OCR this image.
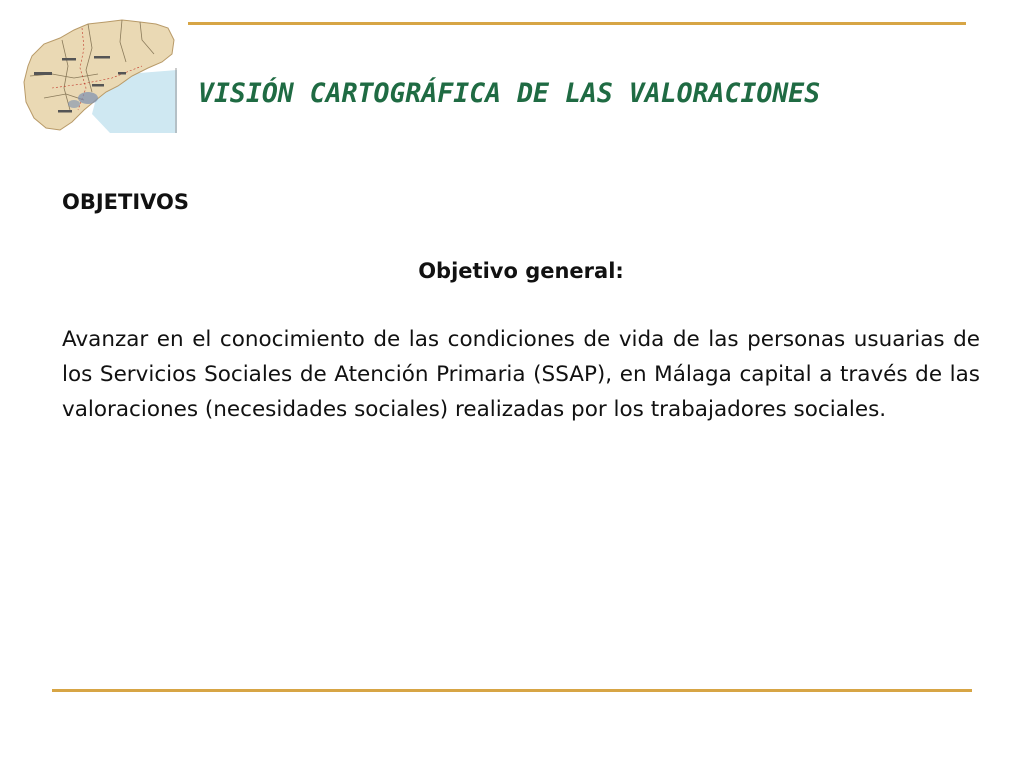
VISIÓN CARTOGRÁFICA DE LAS VALORACIONES
OBJETIVOS
Objetivo general:

Avanzar en el conocimiento de las condiciones de vida de las personas usuarias de los Servicios Sociales de Atención Primaria (SSAP), en Málaga capital a través de las valoraciones (necesidades sociales) realizadas por los trabajadores sociales.
